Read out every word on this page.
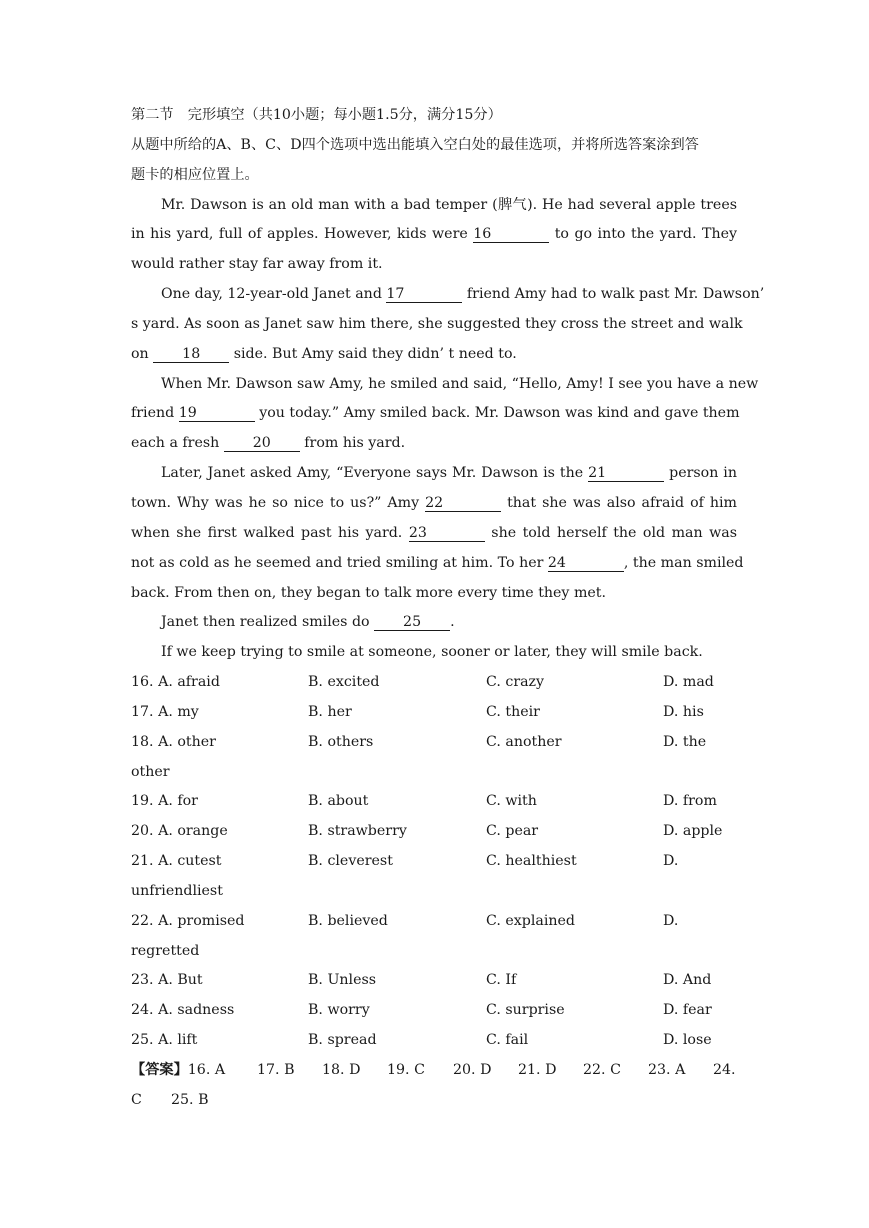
第二节　完形填空（共10小题；每小题1.5分，满分15分）
从题中所给的A、B、C、D四个选项中选出能填入空白处的最佳选项，并将所选答案涂到答
题卡的相应位置上。
Mr. Dawson is an old man with a bad temper (脾气). He had several apple trees
in his yard, full of apples. However, kids were 16	to go into the yard. They
would rather stay far away from it.
One day, 12-year-old Janet and 17	friend Amy had to walk past Mr. Dawson’
s yard. As soon as Janet saw him there, she suggested they cross the street and walk
on 18 side. But Amy said they didn’ t need to.
When Mr. Dawson saw Amy, he smiled and said, “Hello, Amy! I see you have a new
friend 19	you today.” Amy smiled back. Mr. Dawson was kind and gave them
each a fresh 20 from his yard.
Later, Janet asked Amy, “Everyone says Mr. Dawson is the 21	person in
town. Why was he so nice to us?” Amy 22	that she was also afraid of him
when she first walked past his yard. 23	she told herself the old man was
not as cold as he seemed and tried smiling at him. To her 24	, the man smiled
back. From then on, they began to talk more every time they met.
Janet then realized smiles do 25 .
If we keep trying to smile at someone, sooner or later, they will smile back.
16. A. afraid	B. excited	C. crazy	D. mad
17. A. my	B. her	C. their	D. his
18. A. other	B. others	C. another	D. the
other
19. A. for	B. about	C. with	D. from
20. A. orange	B. strawberry	C. pear	D. apple
21. A. cutest	B. cleverest	C. healthiest	D.
unfriendliest
22. A. promised	B. believed	C. explained	D.
regretted
23. A. But	B. Unless	C. If	D. And
24. A. sadness	B. worry	C. surprise	D. fear
25. A. lift	B. spread	C. fail	D. lose
【答案】16. A 17. B 18. D 19. C 20. D 21. D 22. C 23. A 24.
C 25. B
